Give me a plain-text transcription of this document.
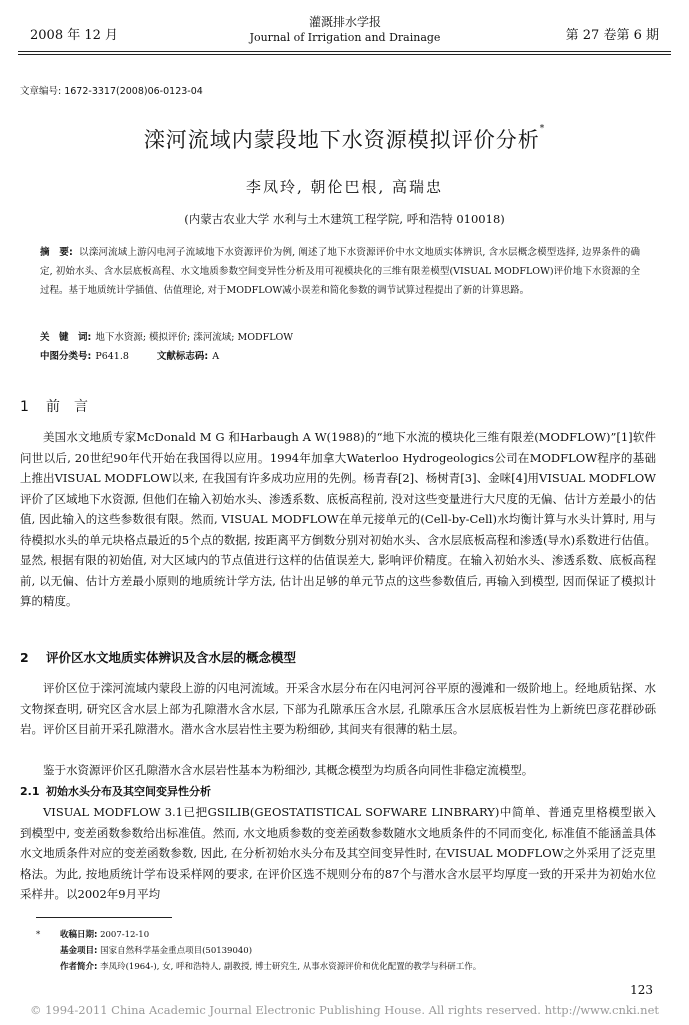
2008 年 12 月
灌溉排水学报
Journal of Irrigation and Drainage	第 27 卷第 6 期
文章编号: 1672-3317(2008)06-0123-04
滦河流域内蒙段地下水资源模拟评价分析*
李凤玲, 朝伦巴根, 高瑞忠
(内蒙古农业大学 水利与土木建筑工程学院, 呼和浩特 010018)
摘　要: 以滦河流域上游闪电河子流域地下水资源评价为例, 阐述了地下水资源评价中水文地质实体辨识, 含水层概念模型选择, 边界条件的确定, 初始水头、含水层底板高程、水文地质参数空间变异性分析及用可视模块化的三维有限差模型(VISUAL MODFLOW)评价地下水资源的全过程。基于地质统计学插值、估值理论, 对于MODFLOW减小误差和简化参数的调节试算过程提出了新的计算思路。
关　键　词: 地下水资源; 模拟评价; 滦河流域; MODFLOW
中图分类号: P641.8	文献标志码: A
1 前　言
美国水文地质专家McDonald M G 和Harbaugh A W(1988)的“地下水流的模块化三维有限差(MODFLOW)”[1]软件问世以后, 20世纪90年代开始在我国得以应用。1994年加拿大Waterloo Hydrogeologics公司在MODFLOW程序的基础上推出VISUAL MODFLOW以来, 在我国有许多成功应用的先例。杨青春[2]、杨树青[3]、金咪[4]用VISUAL MODFLOW评价了区域地下水资源, 但他们在输入初始水头、渗透系数、底板高程前, 没对这些变量进行大尺度的无偏、估计方差最小的估值, 因此输入的这些参数很有限。然而, VISUAL MODFLOW在单元接单元的(Cell-by-Cell)水均衡计算与水头计算时, 用与待模拟水头的单元块格点最近的5个点的数据, 按距离平方倒数分别对初始水头、含水层底板高程和渗透(导水)系数进行估值。显然, 根据有限的初始值, 对大区域内的节点值进行这样的估值误差大, 影响评价精度。在输入初始水头、渗透系数、底板高程前, 以无偏、估计方差最小原则的地质统计学方法, 估计出足够的单元节点的这些参数值后, 再输入到模型, 因而保证了模拟计算的精度。
2 评价区水文地质实体辨识及含水层的概念模型
评价区位于滦河流域内蒙段上游的闪电河流域。开采含水层分布在闪电河河谷平原的漫滩和一级阶地上。经地质钻探、水文物探查明, 研究区含水层上部为孔隙潜水含水层, 下部为孔隙承压含水层, 孔隙承压含水层底板岩性为上新统巴彦花群砂砾岩。评价区目前开采孔隙潜水。潜水含水层岩性主要为粉细砂, 其间夹有很薄的粘土层。
鉴于水资源评价区孔隙潜水含水层岩性基本为粉细沙, 其概念模型为均质各向同性非稳定流模型。
2.1 初始水头分布及其空间变异性分析
VISUAL MODFLOW 3.1已把GSILIB(GEOSTATISTICAL SOFWARE LINBRARY)中简单、普通克里格模型嵌入到模型中, 变差函数参数给出标准值。然而, 水文地质参数的变差函数参数随水文地质条件的不同而变化, 标准值不能涵盖具体水文地质条件对应的变差函数参数, 因此, 在分析初始水头分布及其空间变异性时, 在VISUAL MODFLOW之外采用了泛克里格法。为此, 按地质统计学布设采样网的要求, 在评价区选不规则分布的87个与潜水含水层平均厚度一致的开采井为初始水位采样井。以2002年9月平均
* 收稿日期: 2007-12-10
基金项目: 国家自然科学基金重点项目(50139040)
作者简介: 李凤玲(1964-), 女, 呼和浩特人, 副教授, 博士研究生, 从事水资源评价和优化配置的教学与科研工作。
123
© 1994-2011 China Academic Journal Electronic Publishing House. All rights reserved. http://www.cnki.net
